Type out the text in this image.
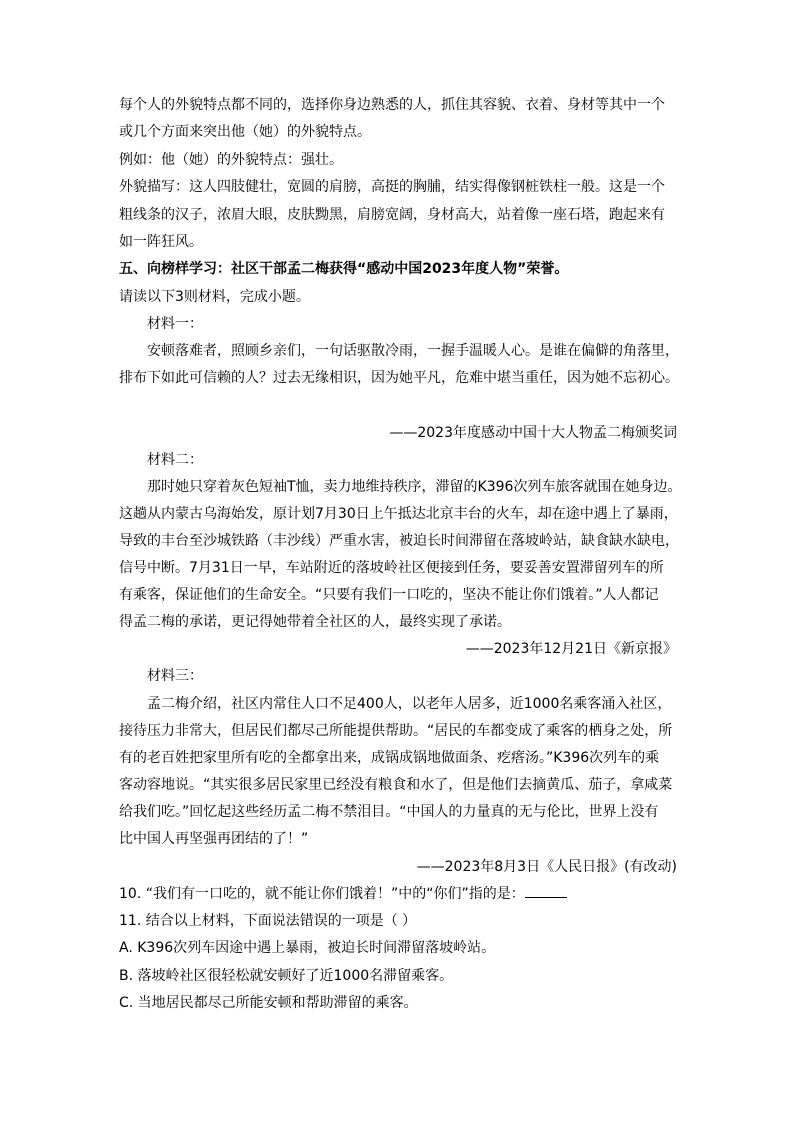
每个人的外貌特点都不同的，选择你身边熟悉的人，抓住其容貌、衣着、身材等其中一个
或几个方面来突出他（她）的外貌特点。
例如：他（她）的外貌特点：强壮。
外貌描写：这人四肢健壮，宽圆的肩膀，高挺的胸脯，结实得像钢桩铁柱一般。这是一个
粗线条的汉子，浓眉大眼，皮肤黝黑，肩膀宽阔，身材高大，站着像一座石塔，跑起来有
如一阵狂风。
五、向榜样学习：社区干部孟二梅获得“感动中国2023年度人物”荣誉。
请读以下3则材料，完成小题。
材料一：
安顿落难者，照顾乡亲们，一句话驱散冷雨，一握手温暖人心。是谁在偏僻的角落里，
排布下如此可信赖的人？过去无缘相识，因为她平凡，危难中堪当重任，因为她不忘初心。
——2023年度感动中国十大人物孟二梅颁奖词
材料二：
那时她只穿着灰色短袖T恤，卖力地维持秩序，滞留的K396次列车旅客就围在她身边。
这趟从内蒙古乌海始发，原计划7月30日上午抵达北京丰台的火车，却在途中遇上了暴雨，
导致的丰台至沙城铁路（丰沙线）严重水害，被迫长时间滞留在落坡岭站，缺食缺水缺电，
信号中断。7月31日一早，车站附近的落坡岭社区便接到任务，要妥善安置滞留列车的所
有乘客，保证他们的生命安全。“只要有我们一口吃的，坚决不能让你们饿着。”人人都记
得孟二梅的承诺，更记得她带着全社区的人，最终实现了承诺。
——2023年12月21日《新京报》
材料三：
孟二梅介绍，社区内常住人口不足400人，以老年人居多，近1000名乘客涌入社区，
接待压力非常大，但居民们都尽己所能提供帮助。“居民的车都变成了乘客的栖身之处，所
有的老百姓把家里所有吃的全都拿出来，成锅成锅地做面条、疙瘩汤。”K396次列车的乘
客动容地说。“其实很多居民家里已经没有粮食和水了，但是他们去摘黄瓜、茄子，拿咸菜
给我们吃。”回忆起这些经历孟二梅不禁泪目。“中国人的力量真的无与伦比，世界上没有
比中国人再坚强再团结的了！”
——2023年8月3日《人民日报》(有改动)
10. “我们有一口吃的，就不能让你们饿着！”中的“你们”指的是：
11. 结合以上材料，下面说法错误的一项是（ ）
A. K396次列车因途中遇上暴雨，被迫长时间滞留落坡岭站。
B. 落坡岭社区很轻松就安顿好了近1000名滞留乘客。
C. 当地居民都尽己所能安顿和帮助滞留的乘客。
